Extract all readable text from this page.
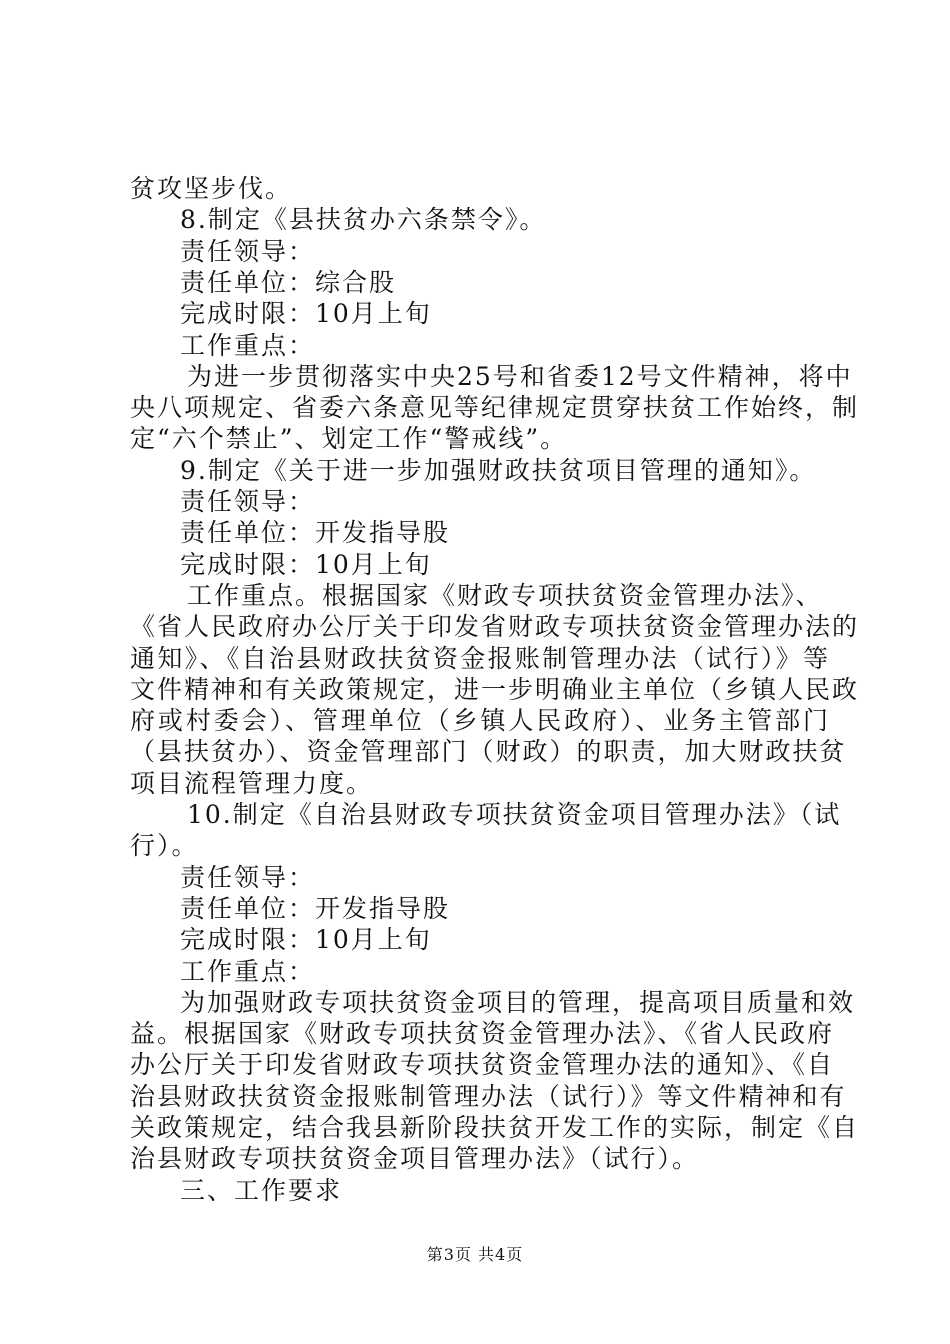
贫攻坚步伐。
8.制定《县扶贫办六条禁令》。
责任领导：
责任单位：综合股
完成时限：10月上旬
工作重点：
为进一步贯彻落实中央25号和省委12号文件精神，将中
央八项规定、省委六条意见等纪律规定贯穿扶贫工作始终，制
定“六个禁止”、划定工作“警戒线”。
9.制定《关于进一步加强财政扶贫项目管理的通知》。
责任领导：
责任单位：开发指导股
完成时限：10月上旬
工作重点。根据国家《财政专项扶贫资金管理办法》、
《省人民政府办公厅关于印发省财政专项扶贫资金管理办法的
通知》、《自治县财政扶贫资金报账制管理办法（试行）》等
文件精神和有关政策规定，进一步明确业主单位（乡镇人民政
府或村委会）、管理单位（乡镇人民政府）、业务主管部门
（县扶贫办）、资金管理部门（财政）的职责，加大财政扶贫
项目流程管理力度。
10.制定《自治县财政专项扶贫资金项目管理办法》（试
行）。
责任领导：
责任单位：开发指导股
完成时限：10月上旬
工作重点：
为加强财政专项扶贫资金项目的管理，提高项目质量和效
益。根据国家《财政专项扶贫资金管理办法》、《省人民政府
办公厅关于印发省财政专项扶贫资金管理办法的通知》、《自
治县财政扶贫资金报账制管理办法（试行）》等文件精神和有
关政策规定，结合我县新阶段扶贫开发工作的实际，制定《自
治县财政专项扶贫资金项目管理办法》（试行）。
三、工作要求
第3页 共4页
